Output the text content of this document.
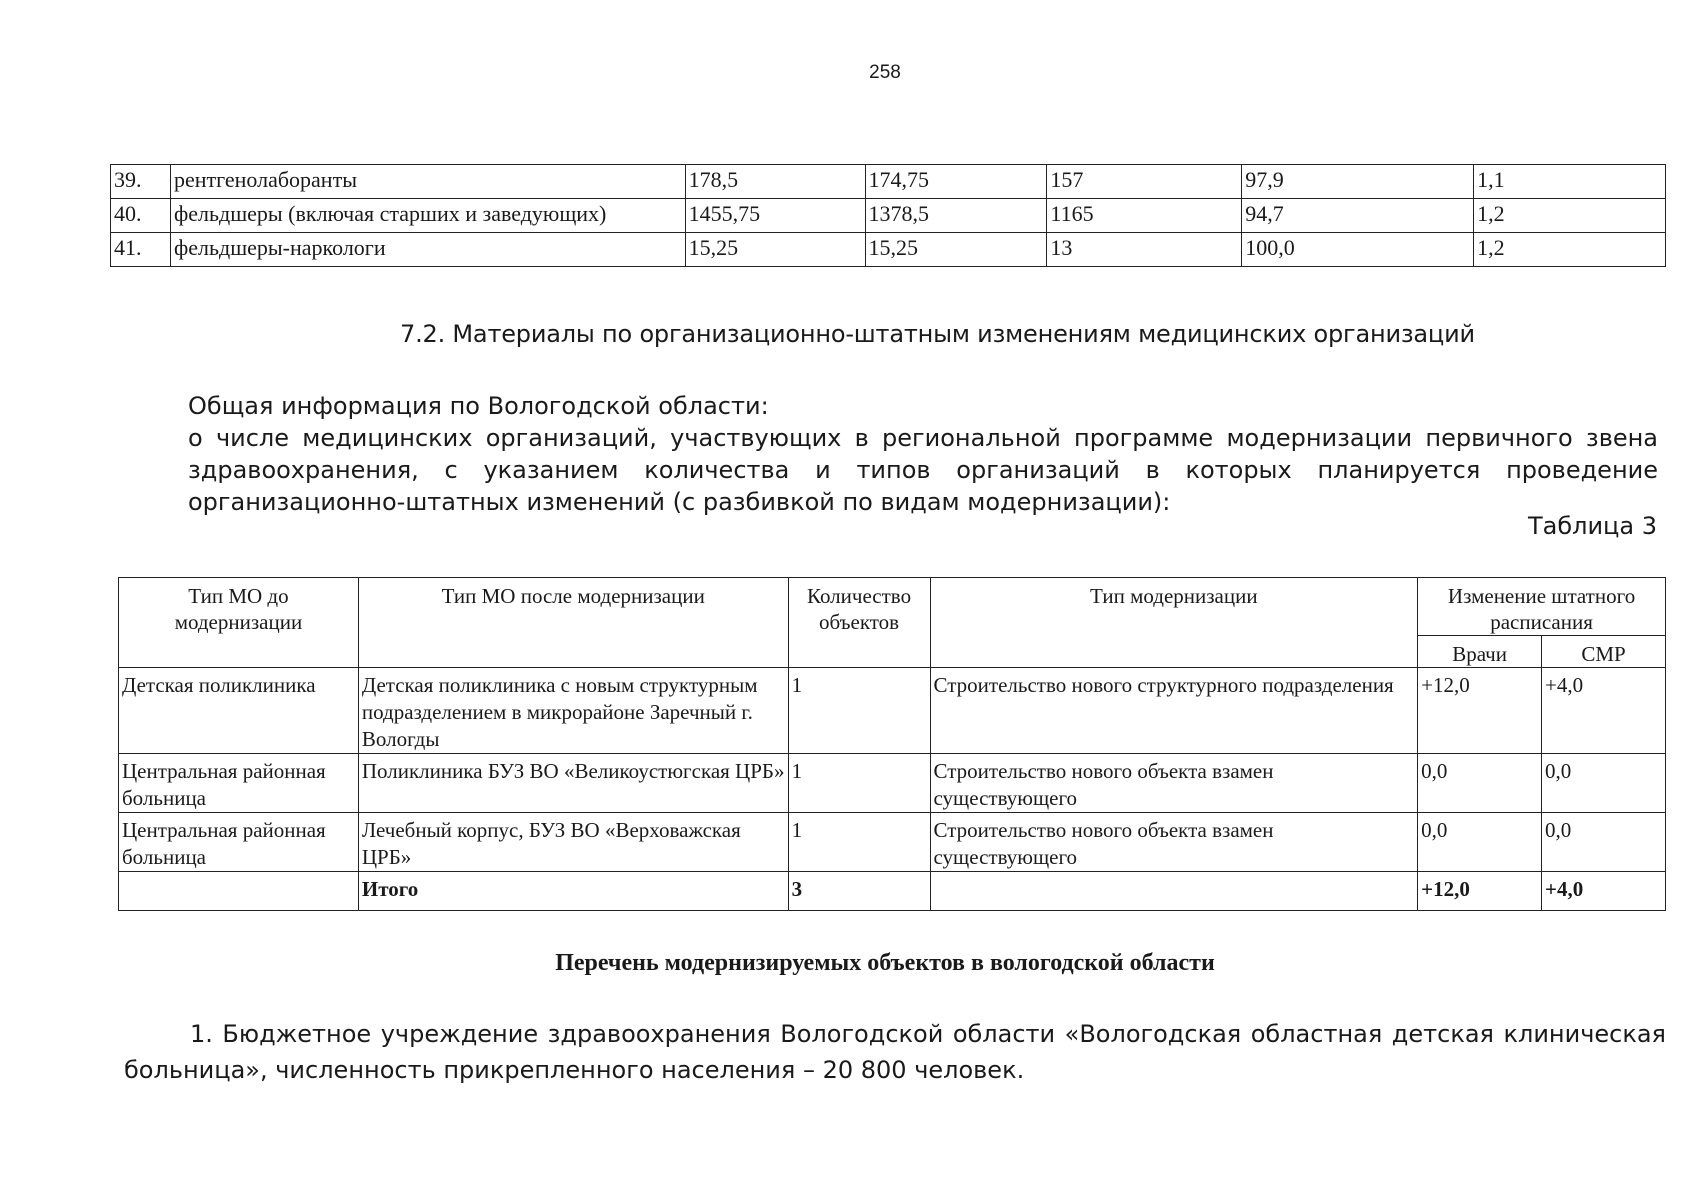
258
39.	рентгенолаборанты	178,5	174,75	157	97,9	1,1
40.	фельдшеры (включая старших и заведующих)	1455,75	1378,5	1165	94,7	1,2
41.	фельдшеры-наркологи	15,25	15,25	13	100,0	1,2
7.2. Материалы по организационно-штатным изменениям медицинских организаций

Общая информация по Вологодской области:

о числе медицинских организаций, участвующих в региональной программе модернизации первичного звена здравоохранения, с указанием количества и типов организаций в которых планируется проведение организационно-штатных изменений (с разбивкой по видам модернизации):

Таблица 3
Тип МО до модернизации	Тип МО после модернизации	Количество объектов	Тип модернизации	Изменение штатного расписания	
				Врачи	СМР
Детская поликлиника	Детская поликлиника с новым структурным подразделением в микрорайоне Заречный г. Вологды	1	Строительство нового структурного подразделения	+12,0	+4,0
Центральная районная больница	Поликлиника БУЗ ВО «Великоустюгская ЦРБ»	1	Строительство нового объекта взамен существующего	0,0	0,0
Центральная районная больница	Лечебный корпус, БУЗ ВО «Верховажская ЦРБ»	1	Строительство нового объекта взамен существующего	0,0	0,0
	Итого	3		+12,0	+4,0
Перечень модернизируемых объектов в вологодской области
1. Бюджетное учреждение здравоохранения Вологодской области «Вологодская областная детская клиническая больница», численность прикрепленного населения – 20 800 человек.
